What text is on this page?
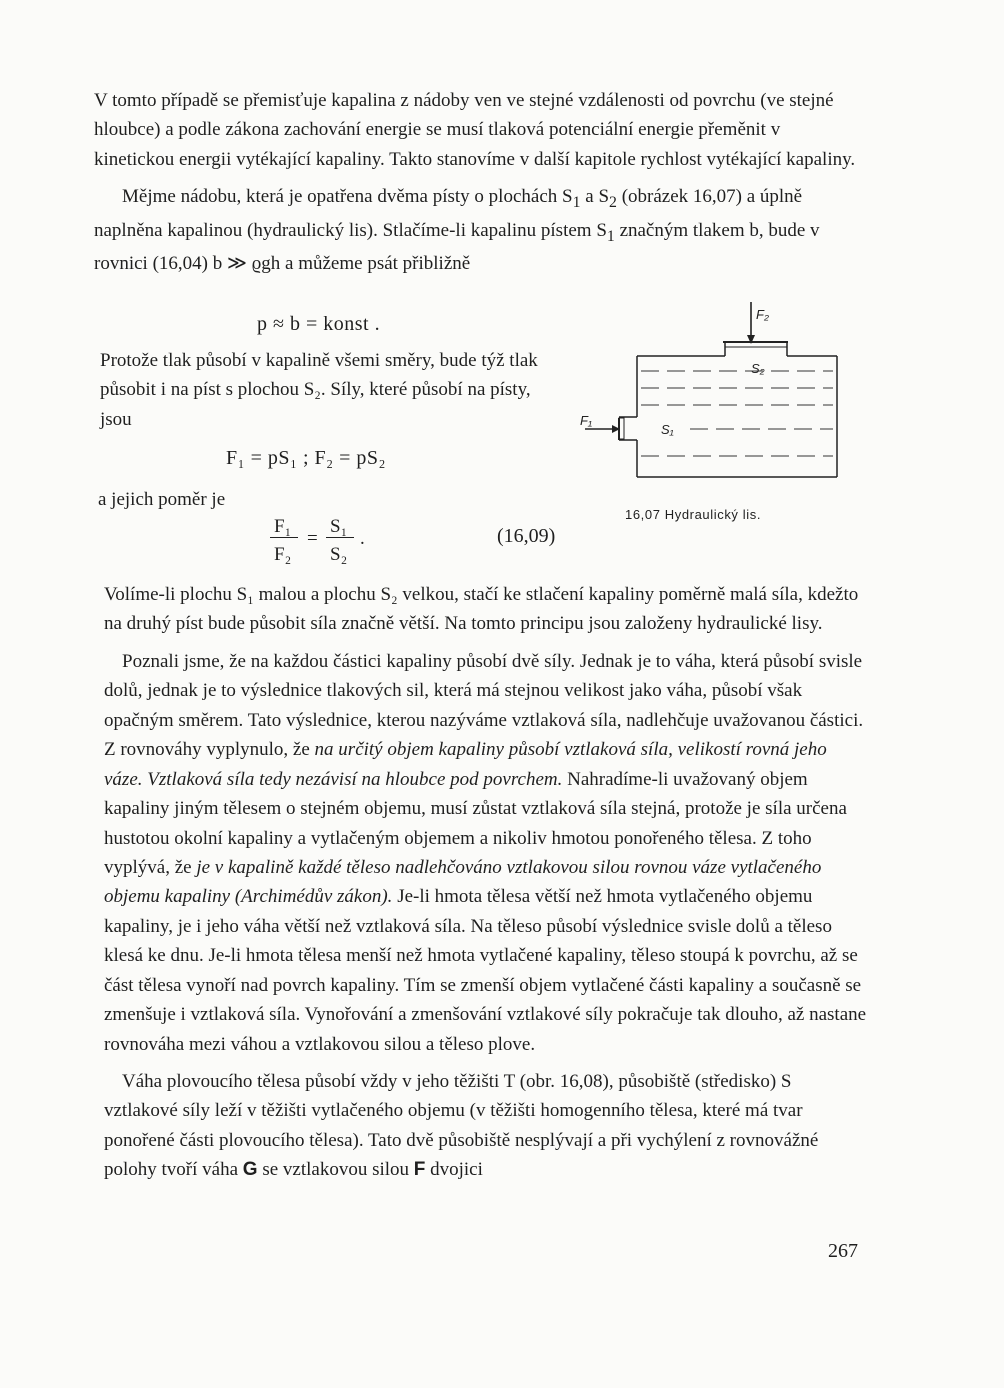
V tomto případě se přemisťuje kapalina z nádoby ven ve stejné vzdálenosti od povrchu (ve stejné hloubce) a podle zákona zachování energie se musí tlaková potenciální energie přeměnit v kinetickou energii vytékající kapaliny. Takto stanovíme v další kapitole rychlost vytékající kapaliny.

Mějme nádobu, která je opatřena dvěma písty o plochách $S_1$ a $S_2$ (obrázek 16,07) a úplně naplněna kapalinou (hydraulický lis). Stlačíme-li kapalinu pístem $S_1$ značným tlakem b, bude v rovnici (16,04) b ≫ ϱgh a můžeme psát přibližně

p ≈ b = konst .

Protože tlak působí v kapalině všemi směry, bude týž tlak působit i na píst s plochou S₂. Síly, které působí na písty, jsou

F₁ = pS₁ ; F₂ = pS₂

a jejich poměr je

F₁
F₂
=
S₁
S₂
.	(16,09)
F₂
S₂
F₁
S₁
16,07 Hydraulický lis.

Volíme-li plochu S₁ malou a plochu S₂ velkou, stačí ke stlačení kapaliny poměrně malá síla, kdežto na druhý píst bude působit síla značně větší. Na tomto principu jsou založeny hydraulické lisy.

Poznali jsme, že na každou částici kapaliny působí dvě síly. Jednak je to váha, která působí svisle dolů, jednak je to výslednice tlakových sil, která má stejnou velikost jako váha, působí však opačným směrem. Tato výslednice, kterou nazýváme vztlaková síla, nadlehčuje uvažovanou částici. Z rovnováhy vyplynulo, že na určitý objem kapaliny působí vztlaková síla, velikostí rovná jeho váze. Vztlaková síla tedy nezávisí na hloubce pod povrchem. Nahradíme-li uvažovaný objem kapaliny jiným tělesem o stejném objemu, musí zůstat vztlaková síla stejná, protože je síla určena hustotou okolní kapaliny a vytlačeným objemem a nikoliv hmotou ponořeného tělesa. Z toho vyplývá, že je v kapalině každé těleso nadlehčováno vztlakovou silou rovnou váze vytlačeného objemu kapaliny (Archimédův zákon). Je-li hmota tělesa větší než hmota vytlačeného objemu kapaliny, je i jeho váha větší než vztlaková síla. Na těleso působí výslednice svisle dolů a těleso klesá ke dnu. Je-li hmota tělesa menší než hmota vytlačené kapaliny, těleso stoupá k povrchu, až se část tělesa vynoří nad povrch kapaliny. Tím se zmenší objem vytlačené části kapaliny a současně se zmenšuje i vztlaková síla. Vynořování a zmenšování vztlakové síly pokračuje tak dlouho, až nastane rovnováha mezi váhou a vztlakovou silou a těleso plove.

Váha plovoucího tělesa působí vždy v jeho těžišti T (obr. 16,08), působiště (středisko) S vztlakové síly leží v těžišti vytlačeného objemu (v těžišti homogenního tělesa, které má tvar ponořené části plovoucího tělesa). Tato dvě působiště nesplývají a při vychýlení z rovnovážné polohy tvoří váha G se vztlakovou silou F dvojici

267
